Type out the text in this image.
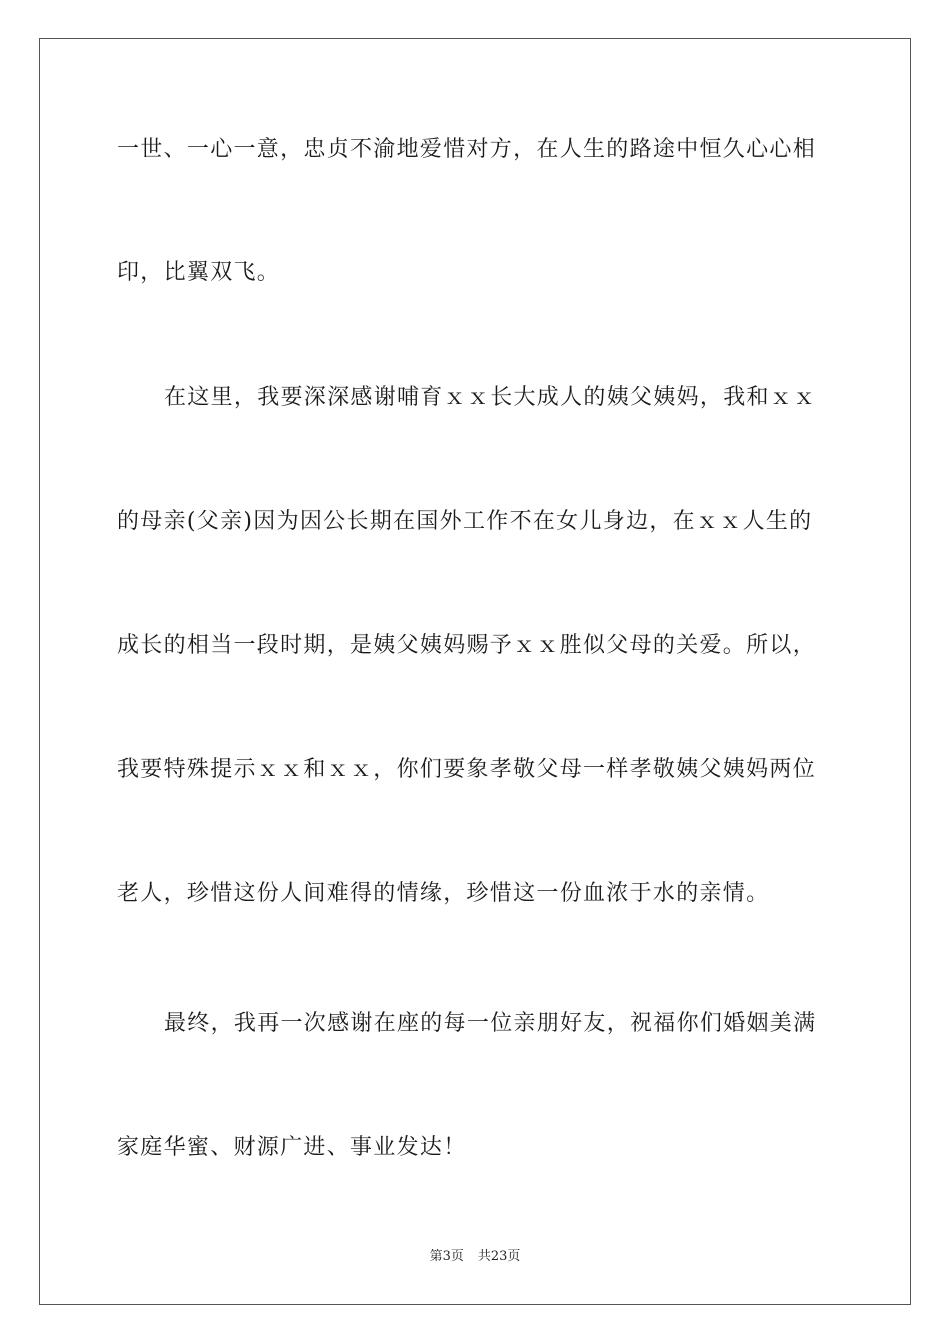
一世、一心一意，忠贞不渝地爱惜对方，在人生的路途中恒久心心相
印，比翼双飞。
在这里，我要深深感谢哺育ｘｘ长大成人的姨父姨妈，我和ｘｘ
的母亲(父亲)因为因公长期在国外工作不在女儿身边，在ｘｘ人生的
成长的相当一段时期，是姨父姨妈赐予ｘｘ胜似父母的关爱。所以，
我要特殊提示ｘｘ和ｘｘ，你们要象孝敬父母一样孝敬姨父姨妈两位
老人，珍惜这份人间难得的情缘，珍惜这一份血浓于水的亲情。
最终，我再一次感谢在座的每一位亲朋好友，祝福你们婚姻美满
家庭华蜜、财源广进、事业发达！
第3页 共23页
